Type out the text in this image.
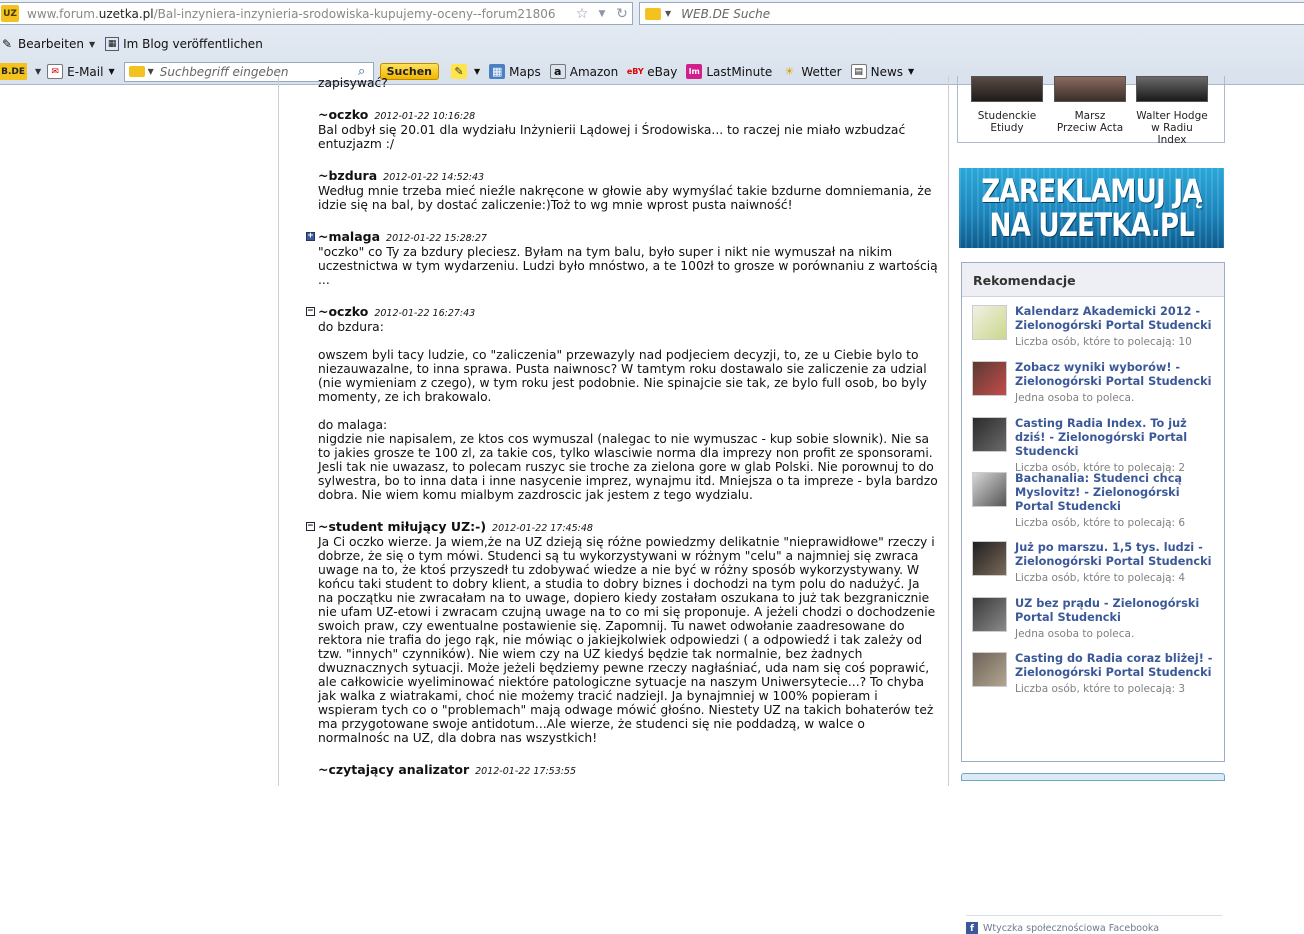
UZ www.forum.uzetka.pl/Bal-inzyniera-inzynieria-srodowiska-kupujemy-oceny--forum21806	☆	▼ ↻	▼ WEB.DE Suche
✎ Bearbeiten ▼	▦ Im Blog veröffentlichen
B.DE ▼	✉ E-Mail ▼	▼
Suchbegriff eingeben	⌕	Suchen	✎	▼ ▦ Maps	a Amazon eBY eBay	lm LastMinute ☀ Wetter	▤ News ▼
zapisywać?
~oczko 2012-01-22 10:16:28

Bal odbył się 20.01 dla wydziału Inżynierii Lądowej i Środowiska... to raczej nie miało wzbudzać entuzjazm :/

~bzdura 2012-01-22 14:52:43

Według mnie trzeba mieć nieźle nakręcone w głowie aby wymyślać takie bzdurne domniemania, że idzie się na bal, by dostać zaliczenie:)Toż to wg mnie wprost pusta naiwność!

+ ~malaga 2012-01-22 15:28:27

"oczko" co Ty za bzdury pleciesz. Byłam na tym balu, było super i nikt nie wymuszał na nikim uczestnictwa w tym wydarzeniu. Ludzi było mnóstwo, a te 100zł to grosze w porównaniu z wartością ...

− ~oczko 2012-01-22 16:27:43

do bzdura:

owszem byli tacy ludzie, co "zaliczenia" przewazyly nad podjeciem decyzji, to, ze u Ciebie bylo to niezauwazalne, to inna sprawa. Pusta naiwnosc? W tamtym roku dostawalo sie zaliczenie za udzial (nie wymieniam z czego), w tym roku jest podobnie. Nie spinajcie sie tak, ze bylo full osob, bo byly momenty, ze ich brakowalo.

do malaga:
nigdzie nie napisalem, ze ktos cos wymuszal (nalegac to nie wymuszac - kup sobie slownik). Nie sa to jakies grosze te 100 zl, za takie cos, tylko wlasciwie norma dla imprezy non profit ze sponsorami. Jesli tak nie uwazasz, to polecam ruszyc sie troche za zielona gore w glab Polski. Nie porownuj to do sylwestra, bo to inna data i inne nasycenie imprez, wynajmu itd. Mniejsza o ta impreze - byla bardzo dobra. Nie wiem komu mialbym zazdroscic jak jestem z tego wydzialu.

− ~student miłujący UZ:-) 2012-01-22 17:45:48

Ja Ci oczko wierze. Ja wiem,że na UZ dzieją się różne powiedzmy delikatnie "nieprawidłowe" rzeczy i dobrze, że się o tym mówi. Studenci są tu wykorzystywani w różnym "celu" a najmniej się zwraca uwage na to, że ktoś przyszedł tu zdobywać wiedze a nie być w różny sposób wykorzystywany. W końcu taki student to dobry klient, a studia to dobry biznes i dochodzi na tym polu do nadużyć. Ja na początku nie zwracałam na to uwage, dopiero kiedy zostałam oszukana to już tak bezgranicznie nie ufam UZ-etowi i zwracam czujną uwage na to co mi się proponuje. A jeżeli chodzi o dochodzenie swoich praw, czy ewentualne postawienie się. Zapomnij. Tu nawet odwołanie zaadresowane do rektora nie trafia do jego rąk, nie mówiąc o jakiejkolwiek odpowiedzi ( a odpowiedź i tak zależy od tzw. "innych" czynników). Nie wiem czy na UZ kiedyś będzie tak normalnie, bez żadnych dwuznacznych sytuacji. Może jeżeli będziemy pewne rzeczy nagłaśniać, uda nam się coś poprawić, ale całkowicie wyeliminować niektóre patologiczne sytuacje na naszym Uniwersytecie...? To chyba jak walka z wiatrakami, choć nie możemy tracić nadziejI. Ja bynajmniej w 100% popieram i wspieram tych co o "problemach" mają odwage mówić głośno. Niestety UZ na takich bohaterów też ma przygotowane swoje antidotum...Ale wierze, że studenci się nie poddadzą, w walce o normalnośc na UZ, dla dobra nas wszystkich!

~czytający analizator 2012-01-22 17:53:55
Studenckie Etiudy
Marsz Przeciw Acta
Walter Hodge w Radiu Index
ZAREKLAMUJ JĄ
NA UZETKA.PL
Rekomendacje
Kalendarz Akademicki 2012 - Zielonogórski Portal Studencki
Liczba osób, które to polecają: 10
Zobacz wyniki wyborów! - Zielonogórski Portal Studencki
Jedna osoba to poleca.
Casting Radia Index. To już dziś! - Zielonogórski Portal Studencki
Liczba osób, które to polecają: 2
Bachanalia: Studenci chcą Myslovitz! - Zielonogórski Portal Studencki
Liczba osób, które to polecają: 6
Już po marszu. 1,5 tys. ludzi - Zielonogórski Portal Studencki
Liczba osób, które to polecają: 4
UZ bez prądu - Zielonogórski Portal Studencki
Jedna osoba to poleca.
Casting do Radia coraz bliżej! - Zielonogórski Portal Studencki
Liczba osób, które to polecają: 3
f Wtyczka społecznościowa Facebooka
